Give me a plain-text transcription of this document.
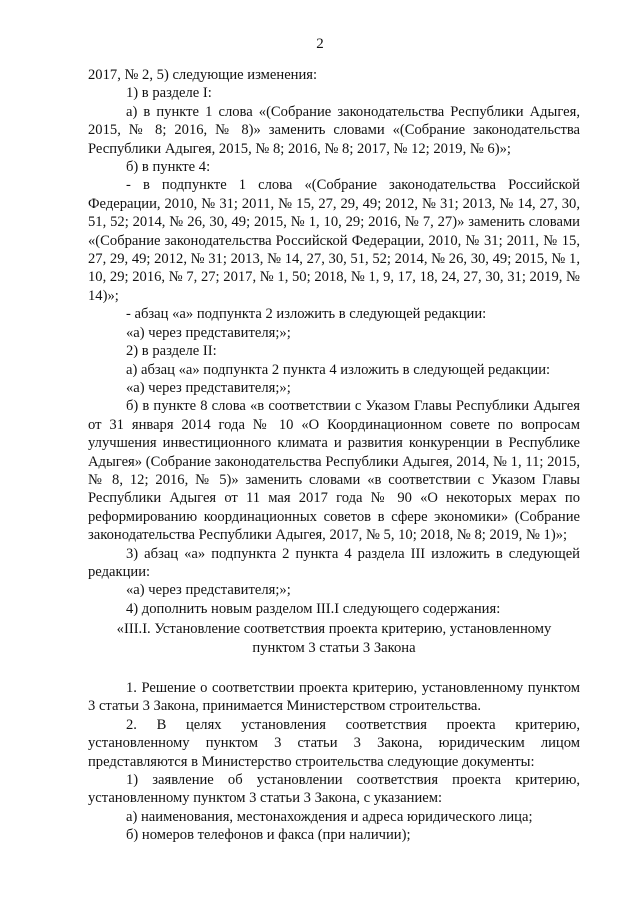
2

2017, № 2, 5) следующие изменения:

1) в разделе I:

а) в пункте 1 слова «(Собрание законодательства Республики Адыгея, 2015, № 8; 2016, № 8)» заменить словами «(Собрание законодательства Республики Адыгея, 2015, № 8; 2016, № 8; 2017, № 12; 2019, № 6)»;

б) в пункте 4:

- в подпункте 1 слова «(Собрание законодательства Российской Федерации, 2010, № 31; 2011, № 15, 27, 29, 49; 2012, № 31; 2013, № 14, 27, 30, 51, 52; 2014, № 26, 30, 49; 2015, № 1, 10, 29; 2016, № 7, 27)» заменить словами «(Собрание законодательства Российской Федерации, 2010, № 31; 2011, № 15, 27, 29, 49; 2012, № 31; 2013, № 14, 27, 30, 51, 52; 2014, № 26, 30, 49; 2015, № 1, 10, 29; 2016, № 7, 27; 2017, № 1, 50; 2018, № 1, 9, 17, 18, 24, 27, 30, 31; 2019, № 14)»;

- абзац «а» подпункта 2 изложить в следующей редакции:

«а) через представителя;»;

2) в разделе II:

а) абзац «а» подпункта 2 пункта 4 изложить в следующей редакции:

«а) через представителя;»;

б) в пункте 8 слова «в соответствии с Указом Главы Республики Адыгея от 31 января 2014 года № 10 «О Координационном совете по вопросам улучшения инвестиционного климата и развития конкуренции в Республике Адыгея» (Собрание законодательства Республики Адыгея, 2014, № 1, 11; 2015, № 8, 12; 2016, № 5)» заменить словами «в соответствии с Указом Главы Республики Адыгея от 11 мая 2017 года № 90 «О некоторых мерах по реформированию координационных советов в сфере экономики» (Собрание законодательства Республики Адыгея, 2017, № 5, 10; 2018, № 8; 2019, № 1)»;

3) абзац «а» подпункта 2 пункта 4 раздела III изложить в следующей редакции:

«а) через представителя;»;

4) дополнить новым разделом III.I следующего содержания:

«III.I. Установление соответствия проекта критерию, установленному
пунктом 3 статьи 3 Закона

1. Решение о соответствии проекта критерию, установленному пунктом 3 статьи 3 Закона, принимается Министерством строительства.

2. В целях установления соответствия проекта критерию, установленному пунктом 3 статьи 3 Закона, юридическим лицом представляются в Министерство строительства следующие документы:

1) заявление об установлении соответствия проекта критерию, установленному пунктом 3 статьи 3 Закона, с указанием:

а) наименования, местонахождения и адреса юридического лица;

б) номеров телефонов и факса (при наличии);
